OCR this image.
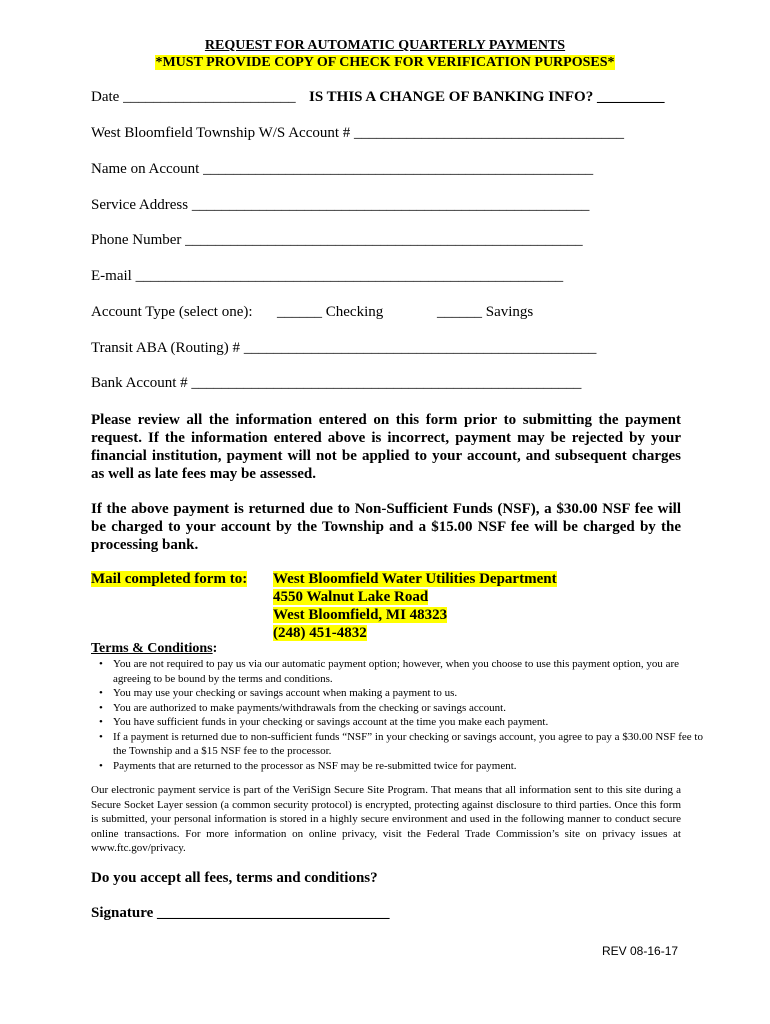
REQUEST FOR AUTOMATIC QUARTERLY PAYMENTS
*MUST PROVIDE COPY OF CHECK FOR VERIFICATION PURPOSES*
Date _______________________ IS THIS A CHANGE OF BANKING INFO? _________
West Bloomfield Township W/S Account # ____________________________________
Name on Account ____________________________________________________
Service Address _____________________________________________________
Phone Number _____________________________________________________
E-mail _________________________________________________________
Account Type (select one): ______ Checking	______ Savings
Transit ABA (Routing) # _______________________________________________
Bank Account # ____________________________________________________
Please review all the information entered on this form prior to submitting the payment request. If the information entered above is incorrect, payment may be rejected by your financial institution, payment will not be applied to your account, and subsequent charges as well as late fees may be assessed.
If the above payment is returned due to Non-Sufficient Funds (NSF), a $30.00 NSF fee will be charged to your account by the Township and a $15.00 NSF fee will be charged by the processing bank.
Mail completed form to: West Bloomfield Water Utilities Department
4550 Walnut Lake Road
West Bloomfield, MI 48323
(248) 451-4832
Terms & Conditions:
• You are not required to pay us via our automatic payment option; however, when you choose to use this payment option, you are agreeing to be bound by the terms and conditions.
• You may use your checking or savings account when making a payment to us.
• You are authorized to make payments/withdrawals from the checking or savings account.
• You have sufficient funds in your checking or savings account at the time you make each payment.
• If a payment is returned due to non-sufficient funds “NSF” in your checking or savings account, you agree to pay a $30.00 NSF fee to the Township and a $15 NSF fee to the processor.
• Payments that are returned to the processor as NSF may be re-submitted twice for payment.
Our electronic payment service is part of the VeriSign Secure Site Program. That means that all information sent to this site during a Secure Socket Layer session (a common security protocol) is encrypted, protecting against disclosure to third parties. Once this form is submitted, your personal information is stored in a highly secure environment and used in the following manner to conduct secure online transactions. For more information on online privacy, visit the Federal Trade Commission’s site on privacy issues at www.ftc.gov/privacy.
Do you accept all fees, terms and conditions?
Signature _______________________________
REV 08-16-17
